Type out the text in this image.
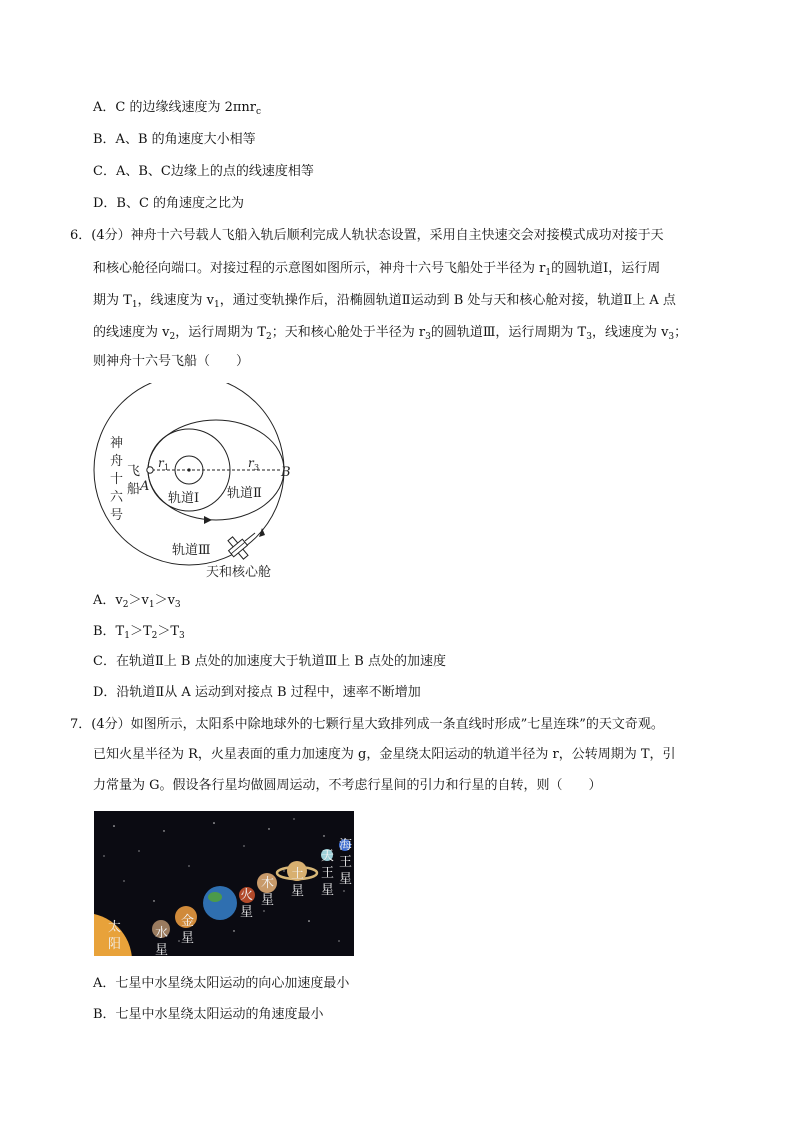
A．C 的边缘线速度为 2πnr$_c$
B．A、B 的角速度大小相等
C．A、B、C边缘上的点的线速度相等
D．B、C 的角速度之比为
6．(4分）神舟十六号载人飞船入轨后顺利完成人轨状态设置，采用自主快速交会对接模式成功对接于天
和核心舱径向端口。对接过程的示意图如图所示，神舟十六号飞船处于半径为 $r_1$的圆轨道Ⅰ，运行周
期为 $T_1$，线速度为 $v_1$，通过变轨操作后，沿椭圆轨道Ⅱ运动到 B 处与天和核心舱对接，轨道Ⅱ上 A 点
的线速度为 $v_2$，运行周期为 $T_2$；天和核心舱处于半径为 $r_3$的圆轨道Ⅲ，运行周期为 $T_3$，线速度为 $v_3$；
则神舟十六号飞船（　　）
神
舟
十
六
号
飞
船 A
B
r 1	r 3
轨道Ⅰ 轨道Ⅱ
轨道Ⅲ
天和核心舱
A．$v_2>v_1>v_3$
B．$T_1>T_2>T_3$
C．在轨道Ⅱ上 B 点处的加速度大于轨道Ⅲ上 B 点处的加速度
D．沿轨道Ⅱ从 A 运动到对接点 B 过程中，速率不断增加
7．(4分）如图所示，太阳系中除地球外的七颗行星大致排列成一条直线时形成”七星连珠”的天文奇观。
已知火星半径为 R，火星表面的重力加速度为 g，金星绕太阳运动的轨道半径为 r，公转周期为 T，引
力常量为 G。假设各行星均做圆周运动，不考虑行星间的引力和行星的自转，则（　　）
太
阳
水
星
金
星
火
星
木
星
土
星
天
王
星
海
王
星
A．七星中水星绕太阳运动的向心加速度最小
B．七星中水星绕太阳运动的角速度最小
